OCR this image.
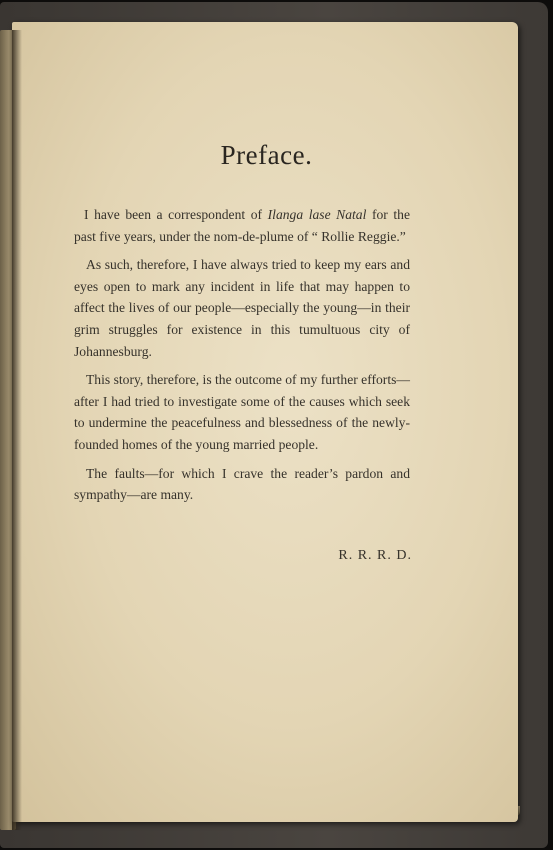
Preface.

I have been a correspondent of Ilanga lase Natal for the past five years, under the nom-de-plume of “ Rollie Reggie.”

As such, therefore, I have always tried to keep my ears and eyes open to mark any incident in life that may happen to affect the lives of our people—especially the young—in their grim struggles for existence in this tumultuous city of Johannesburg.

This story, therefore, is the outcome of my further efforts—after I had tried to investigate some of the causes which seek to undermine the peacefulness and blessedness of the newly-founded homes of the young married people.

The faults—for which I crave the reader’s pardon and sympathy—are many.

R. R. R. D.
